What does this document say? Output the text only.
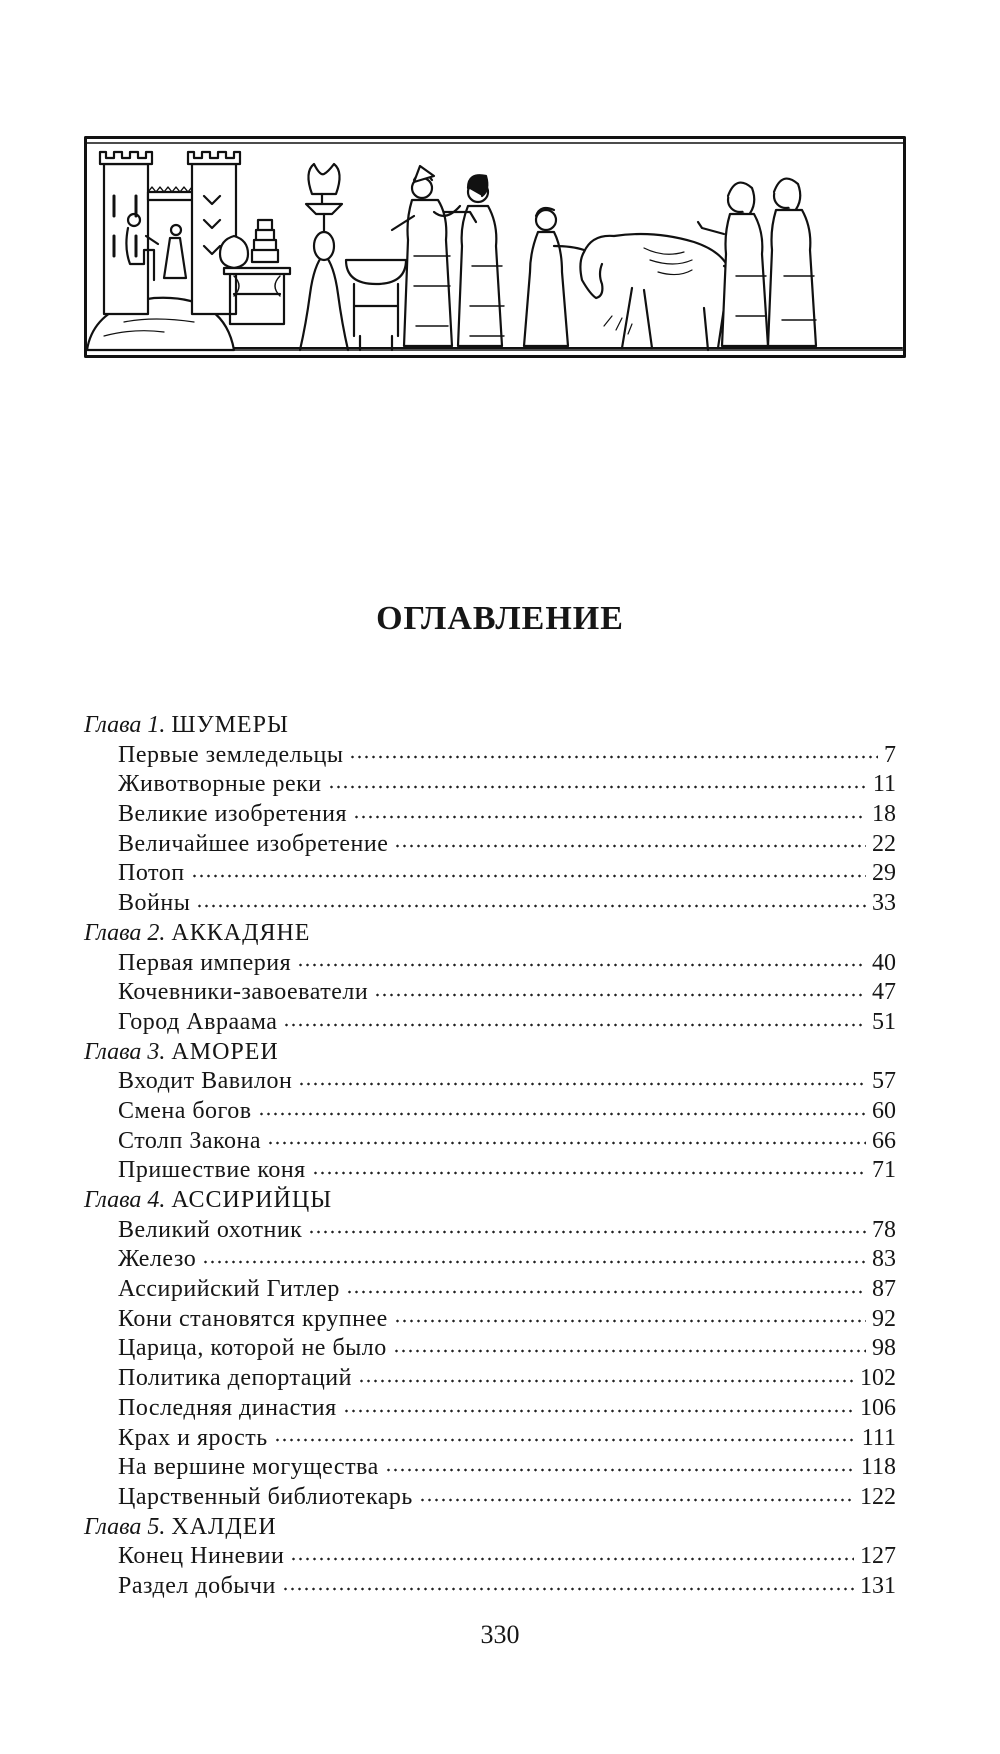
ОГЛАВЛЕНИЕ
Глава 1. ШУМЕРЫ
Первые земледельцы	7
Животворные реки	11
Великие изобретения	18
Величайшее изобретение	22
Потоп	29
Войны	33
Глава 2. АККАДЯНЕ
Первая империя	40
Кочевники-завоеватели	47
Город Авраама	51
Глава 3. АМОРЕИ
Входит Вавилон	57
Смена богов	60
Столп Закона	66
Пришествие коня	71
Глава 4. АССИРИЙЦЫ
Великий охотник	78
Железо	83
Ассирийский Гитлер	87
Кони становятся крупнее	92
Царица, которой не было	98
Политика депортаций	102
Последняя династия	106
Крах и ярость	111
На вершине могущества	118
Царственный библиотекарь	122
Глава 5. ХАЛДЕИ
Конец Ниневии	127
Раздел добычи	131

330
